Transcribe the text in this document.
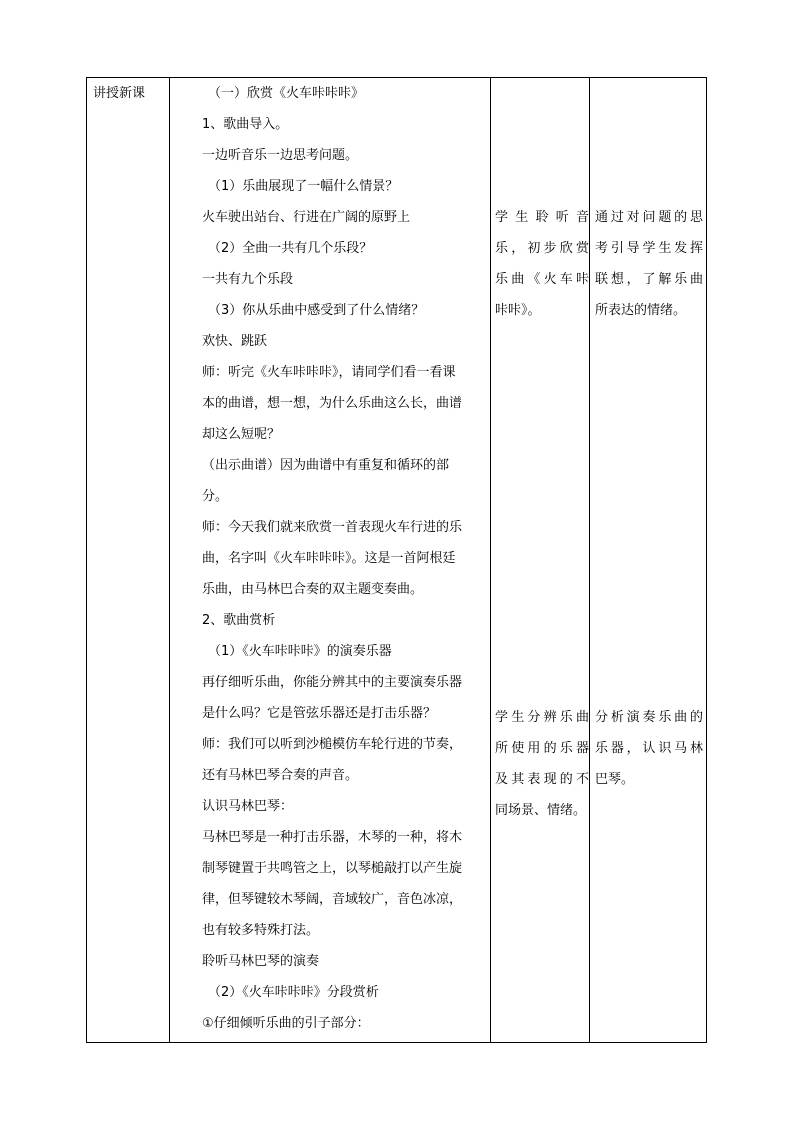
讲授新课	（一）欣赏《火车咔咔咔》
1、歌曲导入。
一边听音乐一边思考问题。
（1）乐曲展现了一幅什么情景？
火车驶出站台、行进在广阔的原野上
（2）全曲一共有几个乐段？
一共有九个乐段
（3）你从乐曲中感受到了什么情绪？
欢快、跳跃
师：听完《火车咔咔咔》，请同学们看一看课
本的曲谱，想一想，为什么乐曲这么长，曲谱
却这么短呢？
（出示曲谱）因为曲谱中有重复和循环的部
分。
师：今天我们就来欣赏一首表现火车行进的乐
曲，名字叫《火车咔咔咔》。这是一首阿根廷
乐曲，由马林巴合奏的双主题变奏曲。
2、歌曲赏析
（1）《火车咔咔咔》的演奏乐器
再仔细听乐曲，你能分辨其中的主要演奏乐器
是什么吗？它是管弦乐器还是打击乐器？
师：我们可以听到沙槌模仿车轮行进的节奏，
还有马林巴琴合奏的声音。
认识马林巴琴：
马林巴琴是一种打击乐器，木琴的一种，将木
制琴键置于共鸣管之上，以琴槌敲打以产生旋
律，但琴键较木琴阔，音域较广，音色冰凉，
也有较多特殊打法。
聆听马林巴琴的演奏
（2）《火车咔咔咔》分段赏析
①仔细倾听乐曲的引子部分：
学生聆听音
乐，初步欣赏
乐曲《火车咔
咔咔》。
学生分辨乐曲
所使用的乐器
及其表现的不
同场景、情绪。
通过对问题的思
考引导学生发挥
联想，了解乐曲
所表达的情绪。
分析演奏乐曲的
乐器，认识马林
巴琴。
